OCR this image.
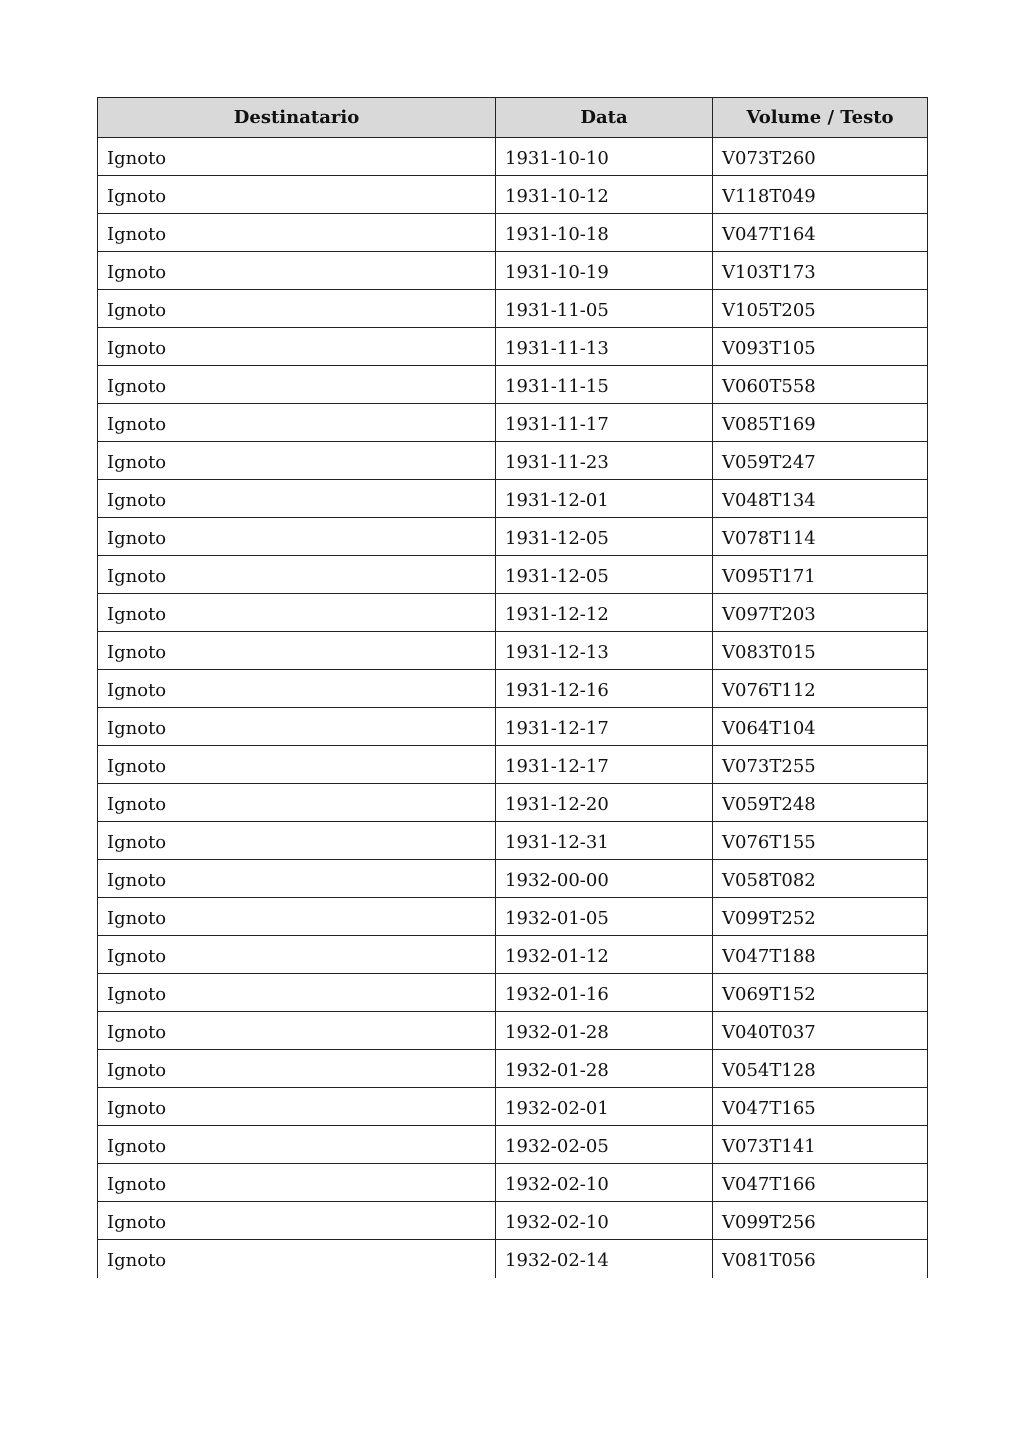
Destinatario	Data	Volume / Testo
Ignoto	1931-10-10	V073T260
Ignoto	1931-10-12	V118T049
Ignoto	1931-10-18	V047T164
Ignoto	1931-10-19	V103T173
Ignoto	1931-11-05	V105T205
Ignoto	1931-11-13	V093T105
Ignoto	1931-11-15	V060T558
Ignoto	1931-11-17	V085T169
Ignoto	1931-11-23	V059T247
Ignoto	1931-12-01	V048T134
Ignoto	1931-12-05	V078T114
Ignoto	1931-12-05	V095T171
Ignoto	1931-12-12	V097T203
Ignoto	1931-12-13	V083T015
Ignoto	1931-12-16	V076T112
Ignoto	1931-12-17	V064T104
Ignoto	1931-12-17	V073T255
Ignoto	1931-12-20	V059T248
Ignoto	1931-12-31	V076T155
Ignoto	1932-00-00	V058T082
Ignoto	1932-01-05	V099T252
Ignoto	1932-01-12	V047T188
Ignoto	1932-01-16	V069T152
Ignoto	1932-01-28	V040T037
Ignoto	1932-01-28	V054T128
Ignoto	1932-02-01	V047T165
Ignoto	1932-02-05	V073T141
Ignoto	1932-02-10	V047T166
Ignoto	1932-02-10	V099T256
Ignoto	1932-02-14	V081T056
